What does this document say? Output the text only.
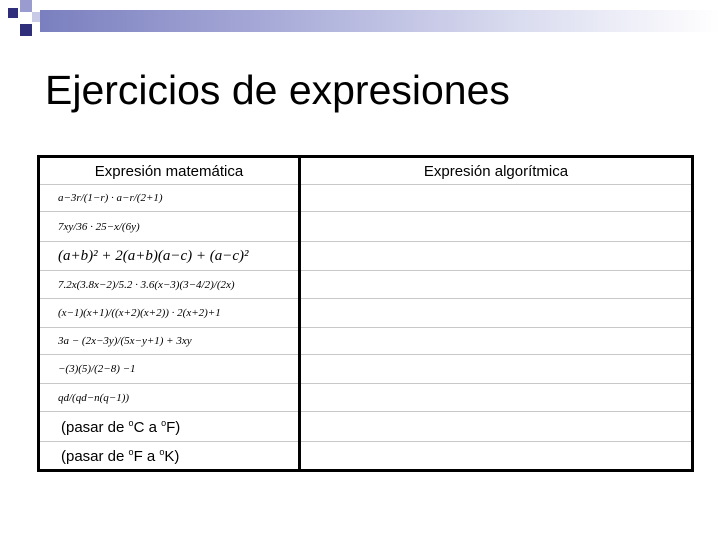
Ejercicios de expresiones
Expresión matemática	Expresión algorítmica

a−3r/(1−r) · a−r/(2+1)	

7xy/36 · 25−x/(6y)	

(a+b)² + 2(a+b)(a−c) + (a−c)²	

7.2x(3.8x−2)/5.2 · 3.6(x−3)(3−4/2)/(2x)	

(x−1)(x+1)/((x+2)(x+2)) · 2(x+2)+1	

3a − (2x−3y)/(5x−y+1) + 3xy	

−(3)(5)/(2−8) −1	

qd/(qd−n(q−1))	

(pasar de $^o$C a $^o$F)	

(pasar de $^o$F a $^o$K)	
